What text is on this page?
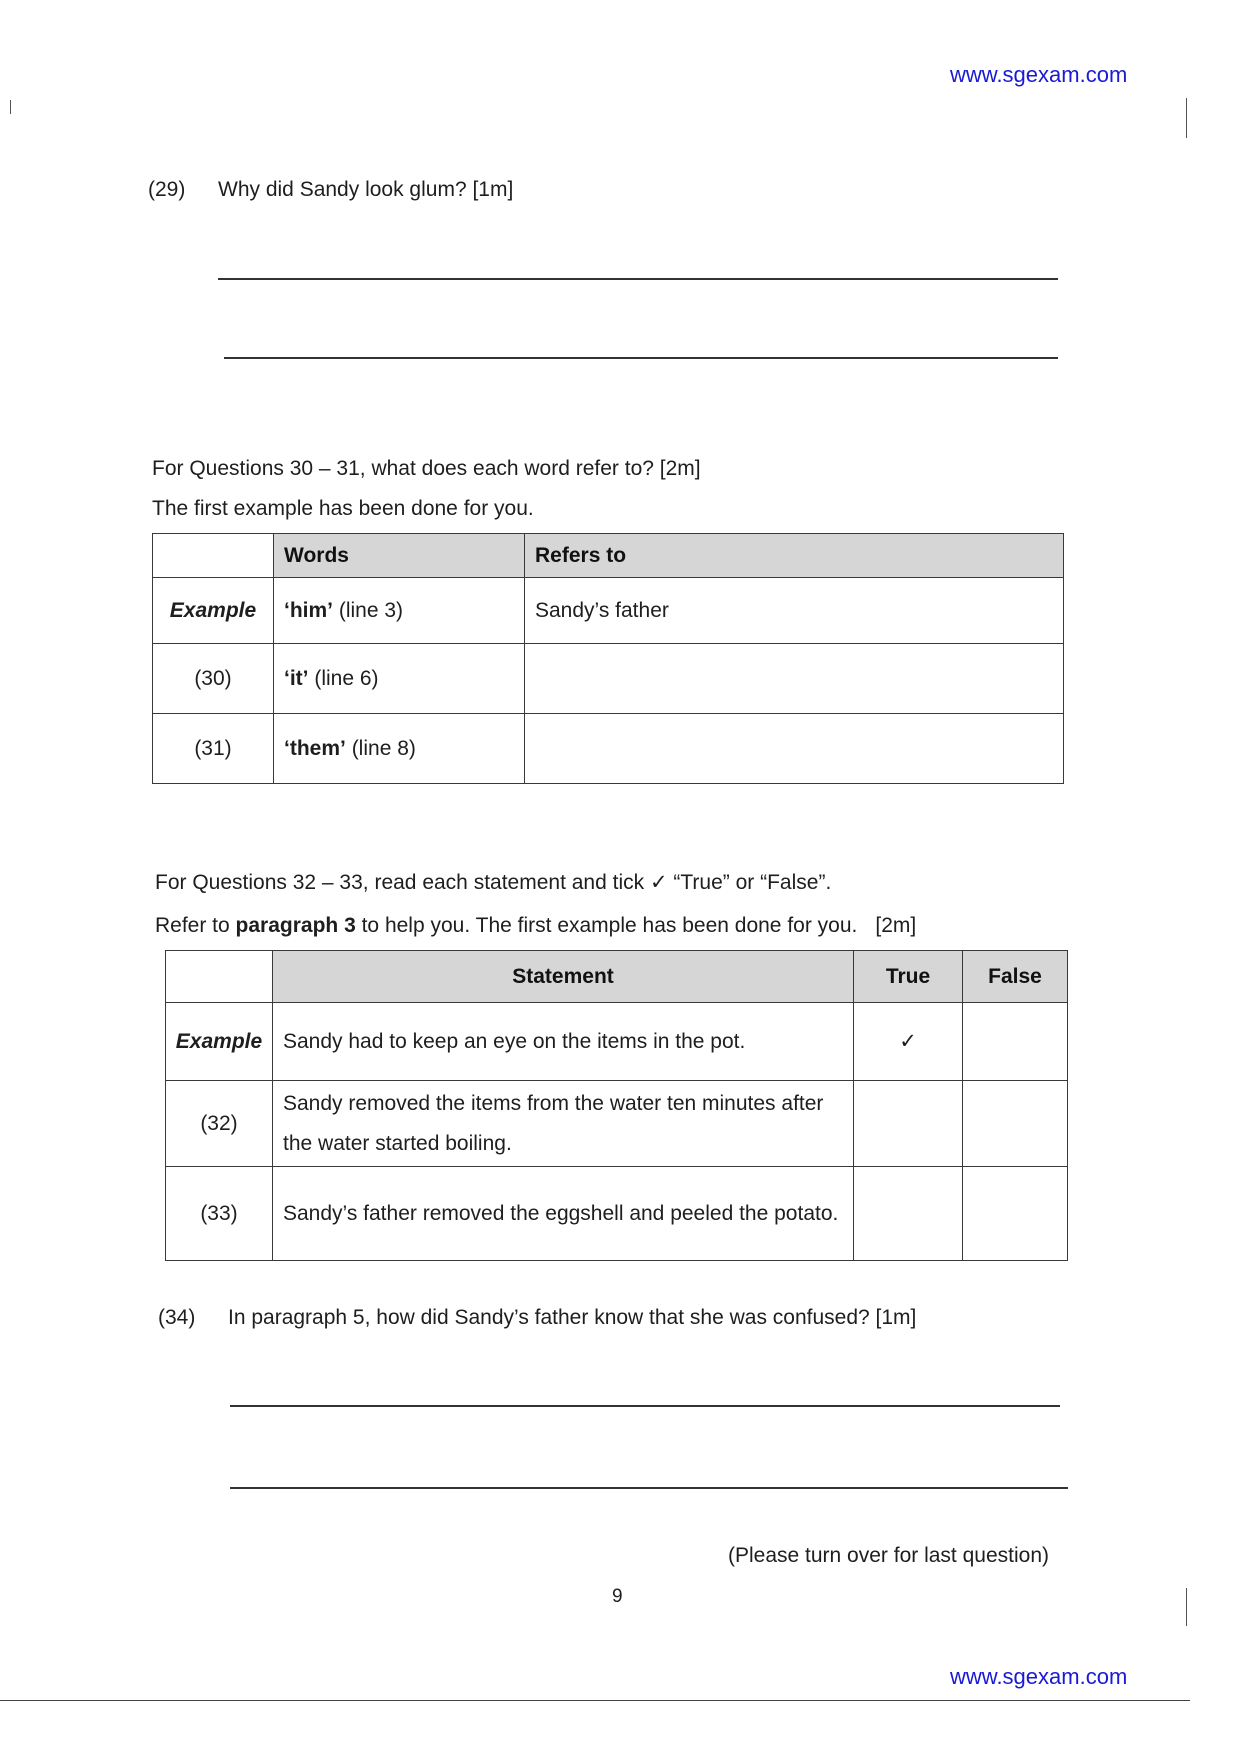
www.sgexam.com
(29) Why did Sandy look glum? [1m]
For Questions 30 – 31, what does each word refer to? [2m]
The first example has been done for you.
	Words	Refers to
Example	‘him’ (line 3)	Sandy’s father
(30)	‘it’ (line 6)	
(31)	‘them’ (line 8)	
For Questions 32 – 33, read each statement and tick ✓ “True” or “False”.
Refer to paragraph 3 to help you. The first example has been done for you. [2m]
	Statement	True	False
Example	Sandy had to keep an eye on the items in the pot.	✓	
(32)	Sandy removed the items from the water ten minutes after the water started boiling.		
(33)	Sandy’s father removed the eggshell and peeled the potato.		
(34) In paragraph 5, how did Sandy’s father know that she was confused? [1m]
(Please turn over for last question)
9
www.sgexam.com
